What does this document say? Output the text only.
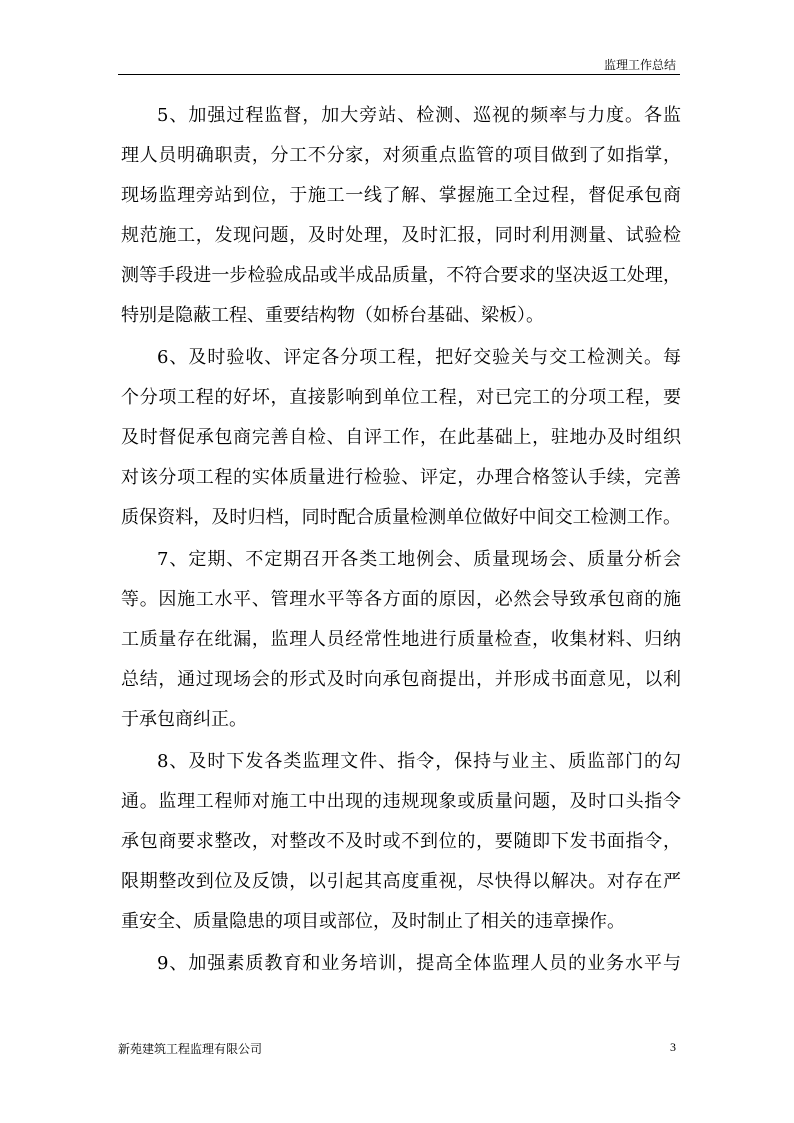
监理工作总结
5、加强过程监督，加大旁站、检测、巡视的频率与力度。各监
理人员明确职责，分工不分家，对须重点监管的项目做到了如指掌，
现场监理旁站到位，于施工一线了解、掌握施工全过程，督促承包商
规范施工，发现问题，及时处理，及时汇报，同时利用测量、试验检
测等手段进一步检验成品或半成品质量，不符合要求的坚决返工处理，
特别是隐蔽工程、重要结构物（如桥台基础、梁板）。
6、及时验收、评定各分项工程，把好交验关与交工检测关。每
个分项工程的好坏，直接影响到单位工程，对已完工的分项工程，要
及时督促承包商完善自检、自评工作，在此基础上，驻地办及时组织
对该分项工程的实体质量进行检验、评定，办理合格签认手续，完善
质保资料，及时归档，同时配合质量检测单位做好中间交工检测工作。
7、定期、不定期召开各类工地例会、质量现场会、质量分析会
等。因施工水平、管理水平等各方面的原因，必然会导致承包商的施
工质量存在纰漏，监理人员经常性地进行质量检查，收集材料、归纳
总结，通过现场会的形式及时向承包商提出，并形成书面意见，以利
于承包商纠正。
8、及时下发各类监理文件、指令，保持与业主、质监部门的勾
通。监理工程师对施工中出现的违规现象或质量问题，及时口头指令
承包商要求整改，对整改不及时或不到位的，要随即下发书面指令，
限期整改到位及反馈，以引起其高度重视，尽快得以解决。对存在严
重安全、质量隐患的项目或部位，及时制止了相关的违章操作。
9、加强素质教育和业务培训，提高全体监理人员的业务水平与
新苑建筑工程监理有限公司	3
